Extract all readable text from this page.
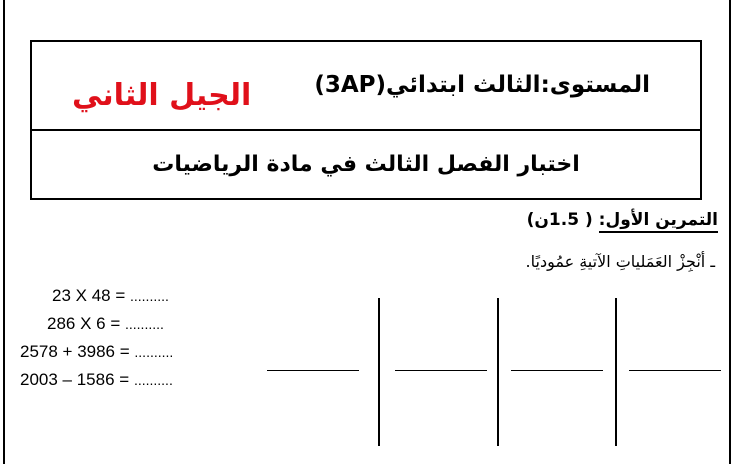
الجيل الثاني	المستوى:الثالث ابتدائي(3AP)
اختبار الفصل الثالث في مادة الرياضيات
التمرين الأول: ( 1.5ن)
ـ أنْجِزْ العَمَلياتِ الآتيةِ عمُوديًا.
23 X 48 = ..........
286 X 6 = ..........
2578 + 3986 = ..........
2003 – 1586 = ..........
